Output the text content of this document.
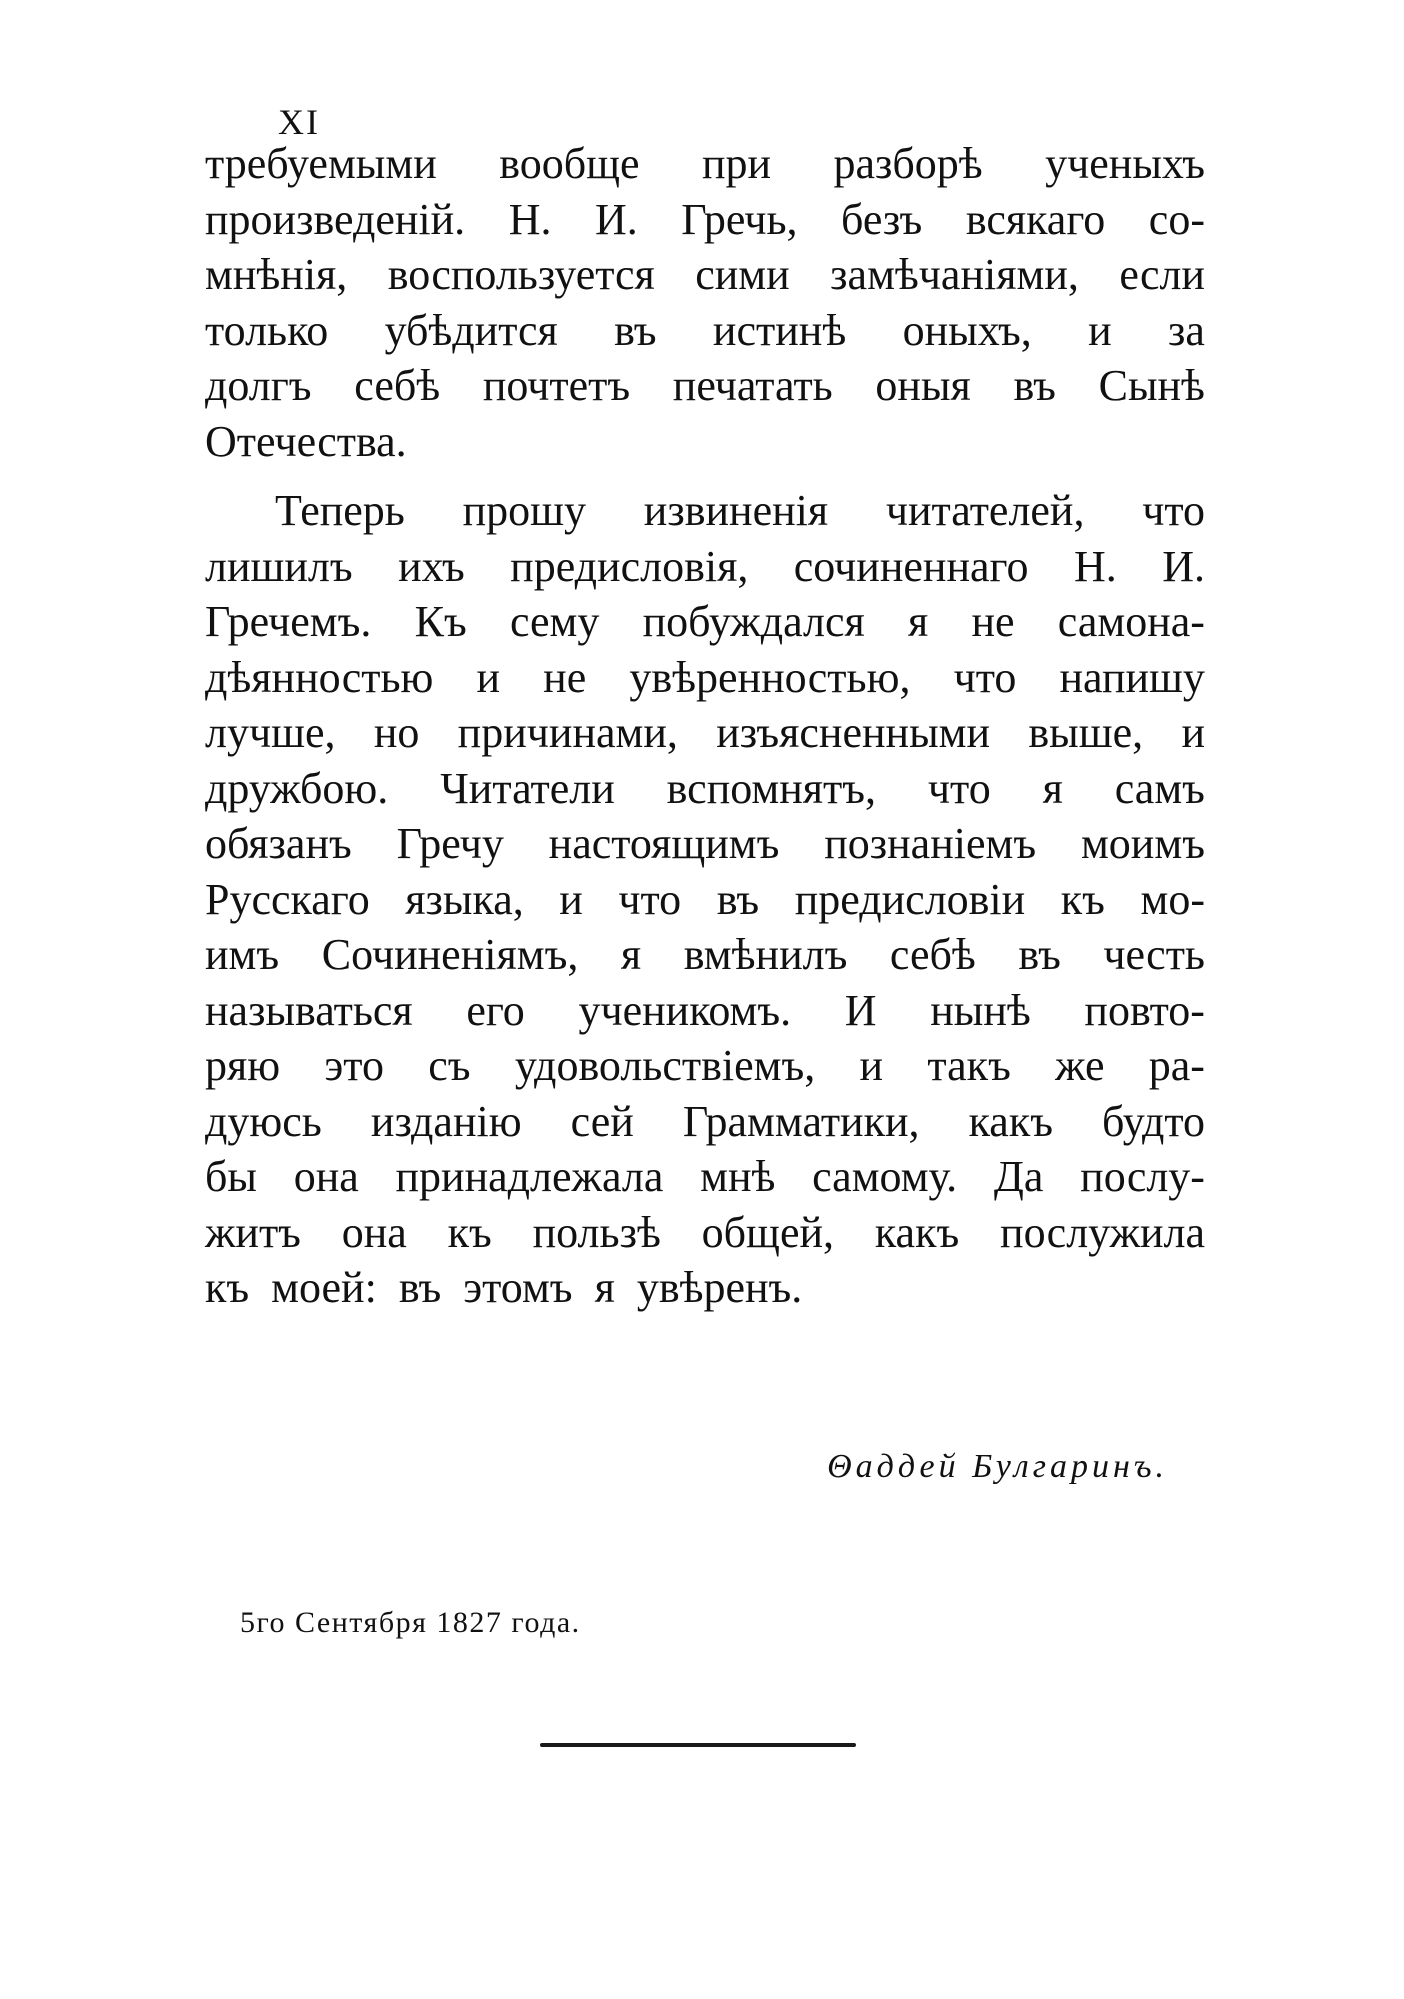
XI
требуемыми вообще при разборѣ ученыхъ
произведеній. Н. И. Гречь, безъ всякаго со-
мнѣнія, воспользуется сими замѣчаніями, если
только убѣдится въ истинѣ оныхъ, и за
долгъ себѣ почтетъ печатать оныя въ Сынѣ
Отечества.
Теперь прошу извиненія читателей, что
лишилъ ихъ предисловія, сочиненнаго Н. И.
Гречемъ. Къ сему побуждался я не самона-
дѣянностью и не увѣренностью, что напишу
лучше, но причинами, изъясненными выше, и
дружбою. Читатели вспомнятъ, что я самъ
обязанъ Гречу настоящимъ познаніемъ моимъ
Русскаго языка, и что въ предисловіи къ мо-
имъ Сочиненіямъ, я вмѣнилъ себѣ въ честь
называться его ученикомъ. И нынѣ повто-
ряю это съ удовольствіемъ, и такъ же ра-
дуюсь изданію сей Грамматики, какъ будто
бы она принадлежала мнѣ самому. Да послу-
житъ она къ пользѣ общей, какъ послужила
къ моей: въ этомъ я увѣренъ.
Θаддей Булгаринъ.
5го Сентября 1827 года.
